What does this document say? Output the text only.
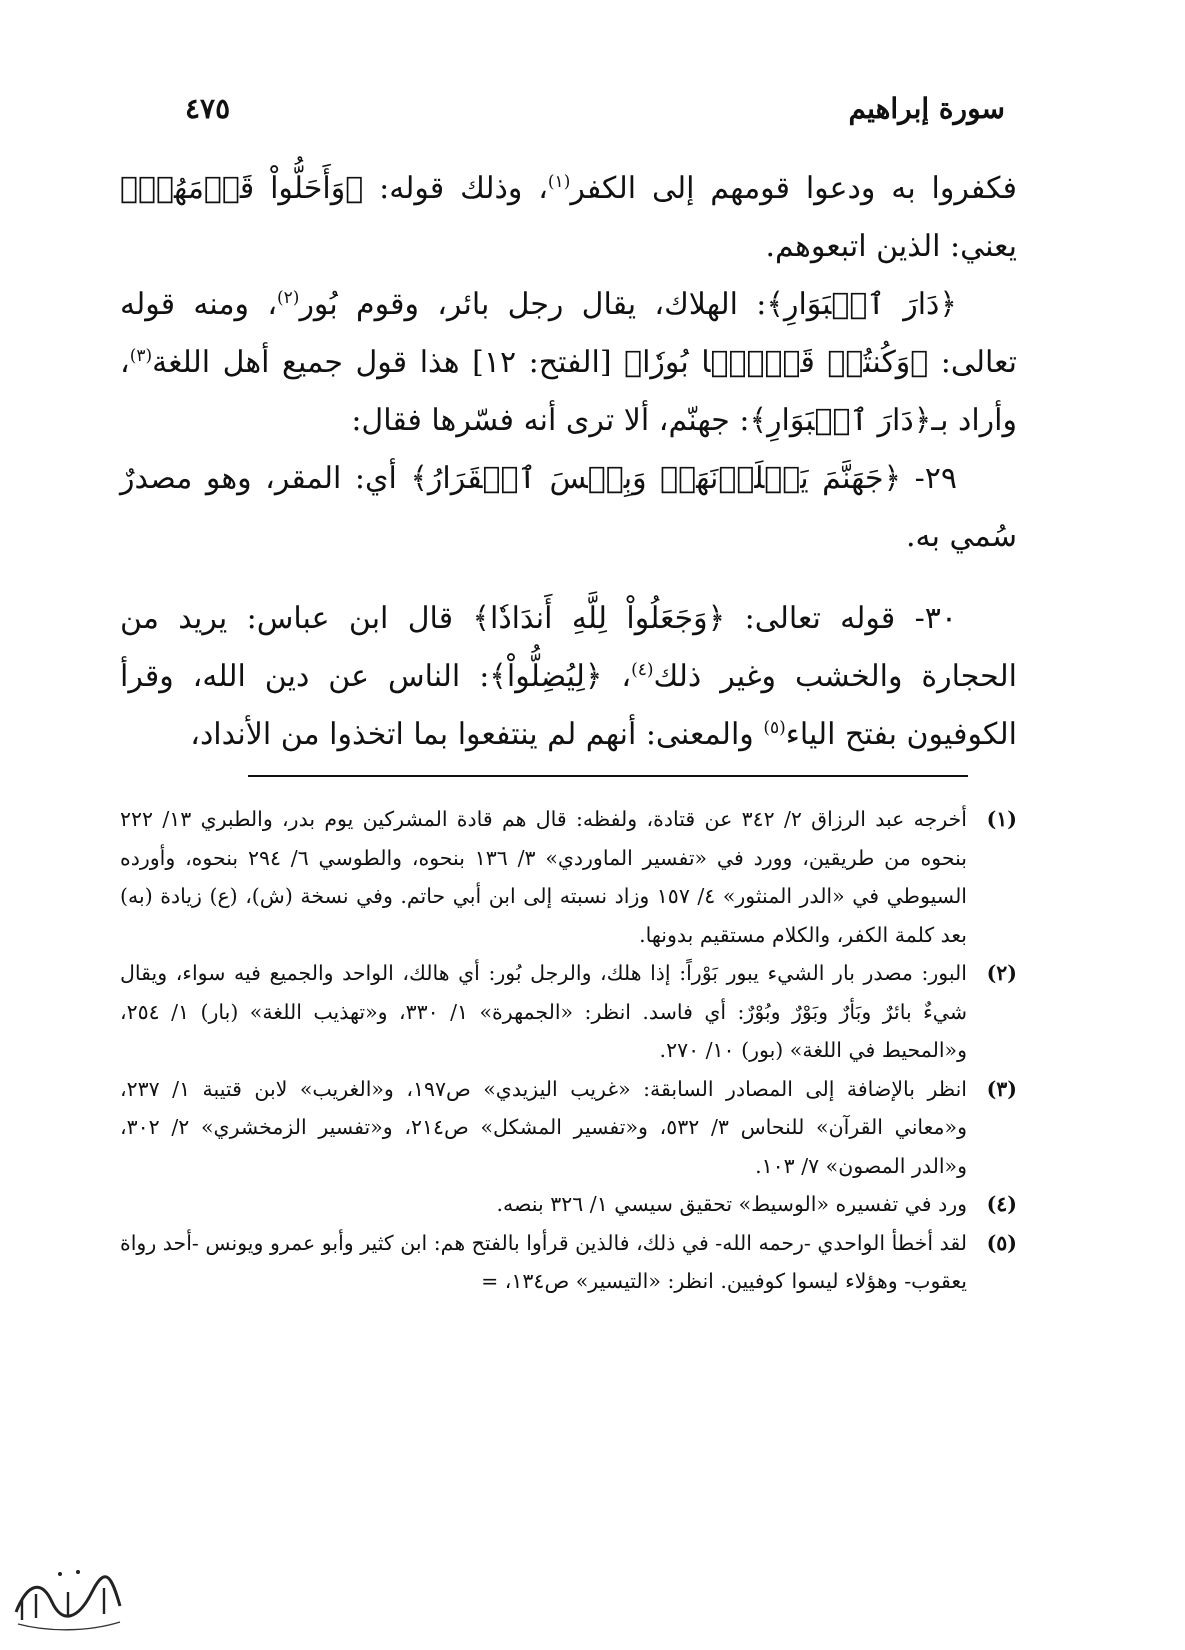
سورة إبراهيم
٤٧٥

فكفروا به ودعوا قومهم إلى الكفر$^{(١)}$، وذلك قوله: ﴿وَأَحَلُّواْ قَوۡمَهُمۡ﴾ يعني: الذين اتبعوهم.

﴿دَارَ ٱلۡبَوَارِ﴾: الهلاك، يقال رجل بائر، وقوم بُور$^{(٢)}$، ومنه قوله تعالى: ﴿وَكُنتُمۡ قَوۡمَۢا بُورٗا﴾ [الفتح: ١٢] هذا قول جميع أهل اللغة$^{(٣)}$، وأراد بـ﴿دَارَ ٱلۡبَوَارِ﴾: جهنّم، ألا ترى أنه فسّرها فقال:

٢٩- ﴿جَهَنَّمَ يَصۡلَوۡنَهَاۖ وَبِئۡسَ ٱلۡقَرَارُ﴾ أي: المقر، وهو مصدرٌ سُمي به.

٣٠- قوله تعالى: ﴿وَجَعَلُواْ لِلَّهِ أَندَادٗا﴾ قال ابن عباس: يريد من الحجارة والخشب وغير ذلك$^{(٤)}$، ﴿لِيُضِلُّواْ﴾: الناس عن دين الله، وقرأ الكوفيون بفتح الياء$^{(٥)}$ والمعنى: أنهم لم ينتفعوا بما اتخذوا من الأنداد،

(١)
أخرجه عبد الرزاق ٢/ ٣٤٢ عن قتادة، ولفظه: قال هم قادة المشركين يوم بدر، والطبري ١٣/ ٢٢٢ بنحوه من طريقين، وورد في «تفسير الماوردي» ٣/ ١٣٦ بنحوه، والطوسي ٦/ ٢٩٤ بنحوه، وأورده السيوطي في «الدر المنثور» ٤/ ١٥٧ وزاد نسبته إلى ابن أبي حاتم. وفي نسخة (ش)، (ع) زيادة (به) بعد كلمة الكفر، والكلام مستقيم بدونها.
(٢)
البور: مصدر بار الشيء يبور بَوْراً: إذا هلك، والرجل بُور: أي هالك، الواحد والجميع فيه سواء، ويقال شيءٌ بائرٌ وبَأرٌ وبَوْرٌ وبُوْرٌ: أي فاسد. انظر: «الجمهرة» ١/ ٣٣٠، و«تهذيب اللغة» (بار) ١/ ٢٥٤، و«المحيط في اللغة» (بور) ١٠/ ٢٧٠.
(٣)
انظر بالإضافة إلى المصادر السابقة: «غريب اليزيدي» ص١٩٧، و«الغريب» لابن قتيبة ١/ ٢٣٧، و«معاني القرآن» للنحاس ٣/ ٥٣٢، و«تفسير المشكل» ص٢١٤، و«تفسير الزمخشري» ٢/ ٣٠٢، و«الدر المصون» ٧/ ١٠٣.
(٤)
ورد في تفسيره «الوسيط» تحقيق سيسي ١/ ٣٢٦ بنصه.
(٥)
لقد أخطأ الواحدي -رحمه الله- في ذلك، فالذين قرأوا بالفتح هم: ابن كثير وأبو عمرو ويونس -أحد رواة يعقوب- وهؤلاء ليسوا كوفيين. انظر: «التيسير» ص١٣٤، =
